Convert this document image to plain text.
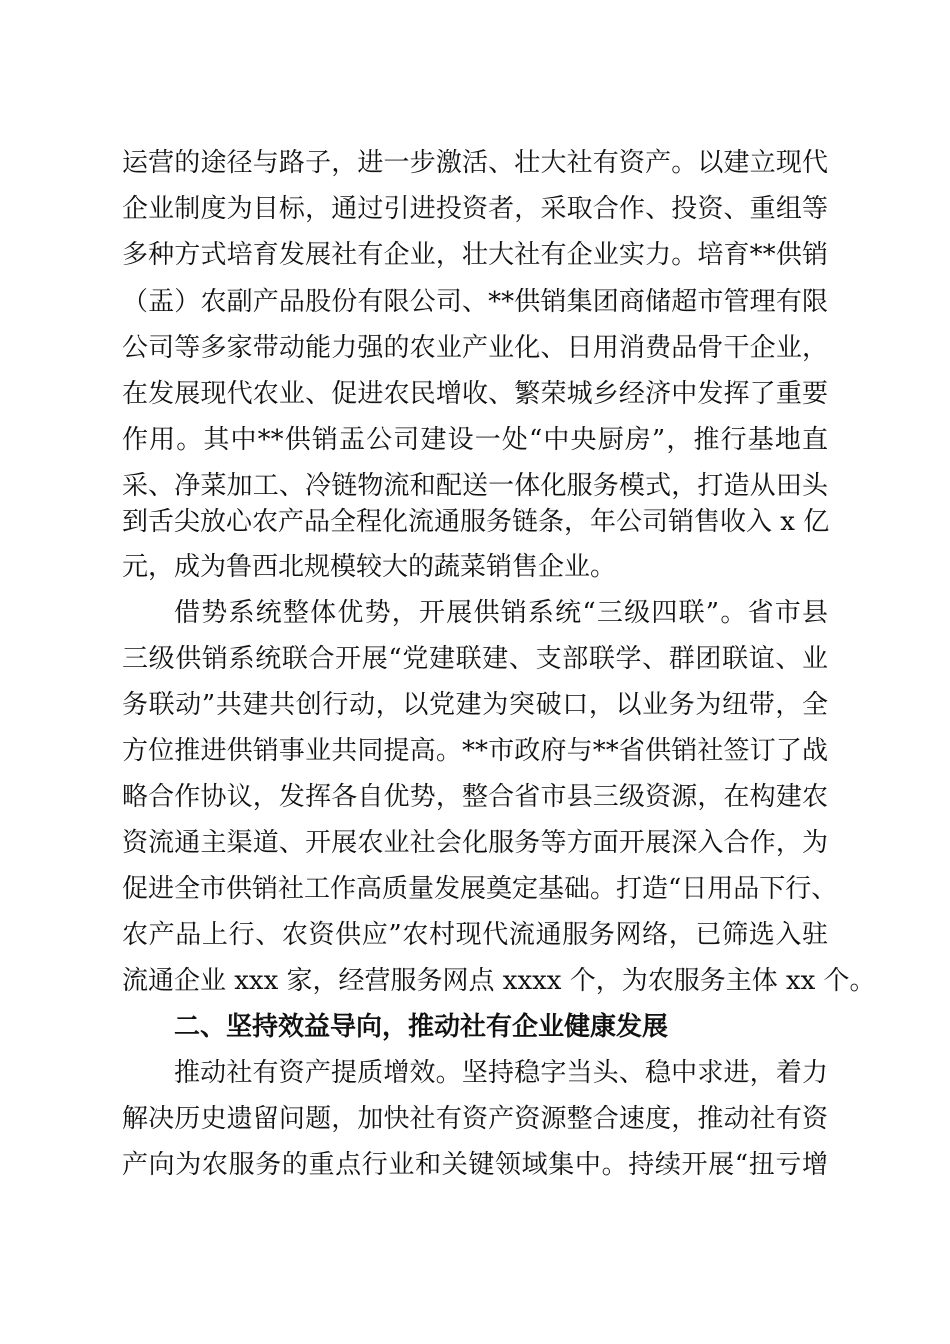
运营的途径与路子，进一步激活、壮大社有资产。以建立现代
企业制度为目标，通过引进投资者，采取合作、投资、重组等
多种方式培育发展社有企业，壮大社有企业实力。培育**供销
（盂）农副产品股份有限公司、**供销集团商储超市管理有限
公司等多家带动能力强的农业产业化、日用消费品骨干企业，
在发展现代农业、促进农民增收、繁荣城乡经济中发挥了重要
作用。其中**供销盂公司建设一处“中央厨房”，推行基地直
采、净菜加工、冷链物流和配送一体化服务模式，打造从田头
到舌尖放心农产品全程化流通服务链条，年公司销售收入 x 亿
元，成为鲁西北规模较大的蔬菜销售企业。
借势系统整体优势，开展供销系统“三级四联”。省市县
三级供销系统联合开展“党建联建、支部联学、群团联谊、业
务联动”共建共创行动，以党建为突破口，以业务为纽带，全
方位推进供销事业共同提高。**市政府与**省供销社签订了战
略合作协议，发挥各自优势，整合省市县三级资源，在构建农
资流通主渠道、开展农业社会化服务等方面开展深入合作，为
促进全市供销社工作高质量发展奠定基础。打造“日用品下行、
农产品上行、农资供应”农村现代流通服务网络，已筛选入驻
流通企业 xxx 家，经营服务网点 xxxx 个，为农服务主体 xx 个。
二、坚持效益导向，推动社有企业健康发展
推动社有资产提质增效。坚持稳字当头、稳中求进，着力
解决历史遗留问题，加快社有资产资源整合速度，推动社有资
产向为农服务的重点行业和关键领域集中。持续开展“扭亏增
